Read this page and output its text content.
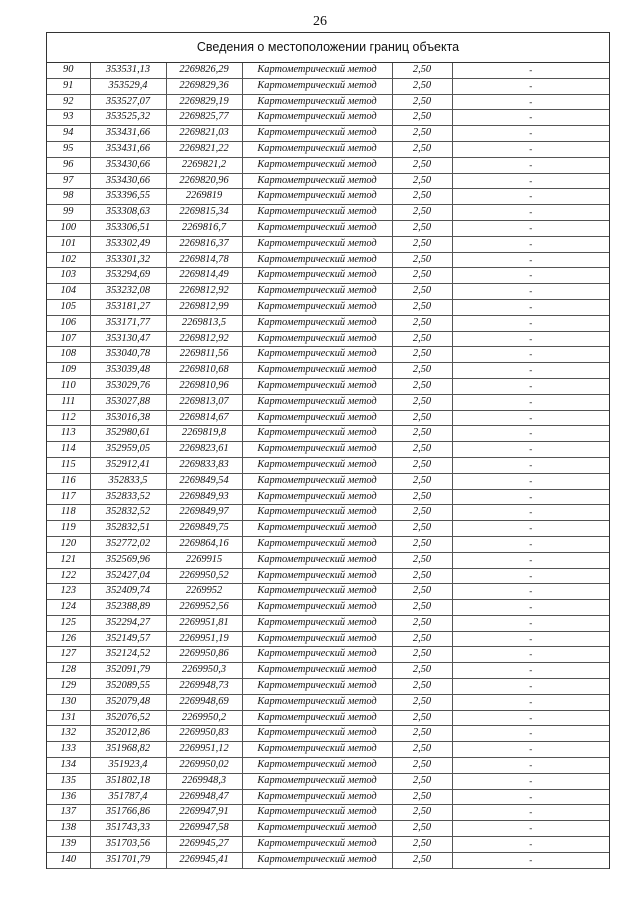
26
Сведения о местоположении границ объекта
90	353531,13	2269826,29	Картометрический метод	2,50	-
91	353529,4	2269829,36	Картометрический метод	2,50	-
92	353527,07	2269829,19	Картометрический метод	2,50	-
93	353525,32	2269825,77	Картометрический метод	2,50	-
94	353431,66	2269821,03	Картометрический метод	2,50	-
95	353431,66	2269821,22	Картометрический метод	2,50	-
96	353430,66	2269821,2	Картометрический метод	2,50	-
97	353430,66	2269820,96	Картометрический метод	2,50	-
98	353396,55	2269819	Картометрический метод	2,50	-
99	353308,63	2269815,34	Картометрический метод	2,50	-
100	353306,51	2269816,7	Картометрический метод	2,50	-
101	353302,49	2269816,37	Картометрический метод	2,50	-
102	353301,32	2269814,78	Картометрический метод	2,50	-
103	353294,69	2269814,49	Картометрический метод	2,50	-
104	353232,08	2269812,92	Картометрический метод	2,50	-
105	353181,27	2269812,99	Картометрический метод	2,50	-
106	353171,77	2269813,5	Картометрический метод	2,50	-
107	353130,47	2269812,92	Картометрический метод	2,50	-
108	353040,78	2269811,56	Картометрический метод	2,50	-
109	353039,48	2269810,68	Картометрический метод	2,50	-
110	353029,76	2269810,96	Картометрический метод	2,50	-
111	353027,88	2269813,07	Картометрический метод	2,50	-
112	353016,38	2269814,67	Картометрический метод	2,50	-
113	352980,61	2269819,8	Картометрический метод	2,50	-
114	352959,05	2269823,61	Картометрический метод	2,50	-
115	352912,41	2269833,83	Картометрический метод	2,50	-
116	352833,5	2269849,54	Картометрический метод	2,50	-
117	352833,52	2269849,93	Картометрический метод	2,50	-
118	352832,52	2269849,97	Картометрический метод	2,50	-
119	352832,51	2269849,75	Картометрический метод	2,50	-
120	352772,02	2269864,16	Картометрический метод	2,50	-
121	352569,96	2269915	Картометрический метод	2,50	-
122	352427,04	2269950,52	Картометрический метод	2,50	-
123	352409,74	2269952	Картометрический метод	2,50	-
124	352388,89	2269952,56	Картометрический метод	2,50	-
125	352294,27	2269951,81	Картометрический метод	2,50	-
126	352149,57	2269951,19	Картометрический метод	2,50	-
127	352124,52	2269950,86	Картометрический метод	2,50	-
128	352091,79	2269950,3	Картометрический метод	2,50	-
129	352089,55	2269948,73	Картометрический метод	2,50	-
130	352079,48	2269948,69	Картометрический метод	2,50	-
131	352076,52	2269950,2	Картометрический метод	2,50	-
132	352012,86	2269950,83	Картометрический метод	2,50	-
133	351968,82	2269951,12	Картометрический метод	2,50	-
134	351923,4	2269950,02	Картометрический метод	2,50	-
135	351802,18	2269948,3	Картометрический метод	2,50	-
136	351787,4	2269948,47	Картометрический метод	2,50	-
137	351766,86	2269947,91	Картометрический метод	2,50	-
138	351743,33	2269947,58	Картометрический метод	2,50	-
139	351703,56	2269945,27	Картометрический метод	2,50	-
140	351701,79	2269945,41	Картометрический метод	2,50	-
